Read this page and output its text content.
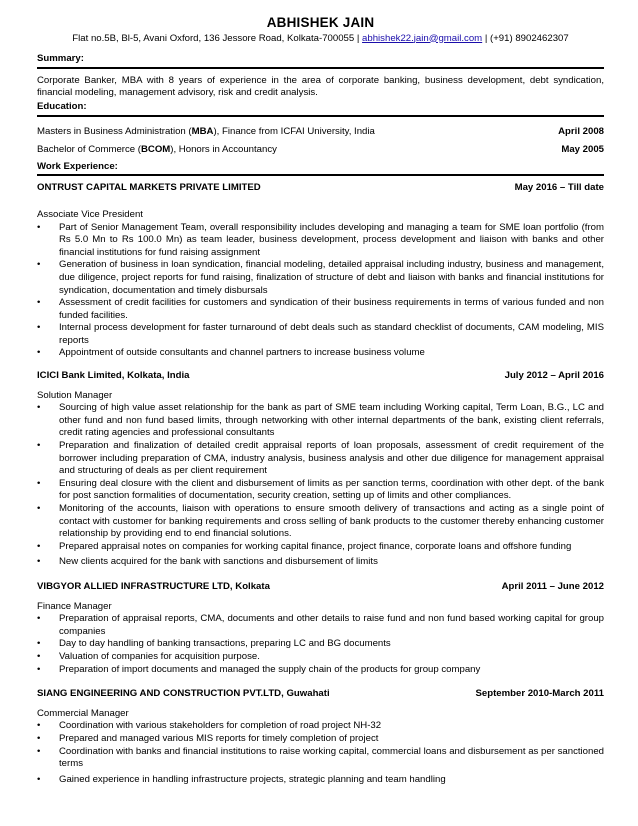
ABHISHEK JAIN
Flat no.5B, Bl-5, Avani Oxford, 136 Jessore Road, Kolkata-700055 | abhishek22.jain@gmail.com | (+91) 8902462307
Summary:
Corporate Banker, MBA with 8 years of experience in the area of corporate banking, business development, debt syndication, financial modeling, management advisory, risk and credit analysis.
Education:
Masters in Business Administration (MBA), Finance from ICFAI University, India	April 2008
Bachelor of Commerce (BCOM), Honors in Accountancy	May 2005
Work Experience:
ONTRUST CAPITAL MARKETS PRIVATE LIMITED	May 2016 – Till date
Associate Vice President
• Part of Senior Management Team, overall responsibility includes developing and managing a team for SME loan portfolio (from Rs 5.0 Mn to Rs 100.0 Mn) as team leader, business development, process development and liaison with banks and other financial institutions for fund raising assignment
• Generation of business in loan syndication, financial modeling, detailed appraisal including industry, business and management, due diligence, project reports for fund raising, finalization of structure of debt and liaison with banks and financial institutions for syndication, documentation and timely disbursals
• Assessment of credit facilities for customers and syndication of their business requirements in terms of various funded and non funded facilities.
• Internal process development for faster turnaround of debt deals such as standard checklist of documents, CAM modeling, MIS reports
• Appointment of outside consultants and channel partners to increase business volume
ICICI Bank Limited, Kolkata, India	July 2012 – April 2016
Solution Manager
• Sourcing of high value asset relationship for the bank as part of SME team including Working capital, Term Loan, B.G., LC and other fund and non fund based limits, through networking with other internal departments of the bank, existing client referrals, credit rating agencies and professional consultants
• Preparation and finalization of detailed credit appraisal reports of loan proposals, assessment of credit requirement of the borrower including preparation of CMA, industry analysis, business analysis and other due diligence for management appraisal and structuring of deals as per client requirement
• Ensuring deal closure with the client and disbursement of limits as per sanction terms, coordination with other dept. of the bank for post sanction formalities of documentation, security creation, setting up of limits and other compliances.
• Monitoring of the accounts, liaison with operations to ensure smooth delivery of transactions and acting as a single point of contact with customer for banking requirements and cross selling of bank products to the customer thereby enhancing customer relationship by providing end to end financial solutions.
• Prepared appraisal notes on companies for working capital finance, project finance, corporate loans and offshore funding
• New clients acquired for the bank with sanctions and disbursement of limits
VIBGYOR ALLIED INFRASTRUCTURE LTD, Kolkata	April 2011 – June 2012
Finance Manager
• Preparation of appraisal reports, CMA, documents and other details to raise fund and non fund based working capital for group companies
• Day to day handling of banking transactions, preparing LC and BG documents
• Valuation of companies for acquisition purpose.
• Preparation of import documents and managed the supply chain of the products for group company
SIANG ENGINEERING AND CONSTRUCTION PVT.LTD, Guwahati	September 2010-March 2011
Commercial Manager
• Coordination with various stakeholders for completion of road project NH-32
• Prepared and managed various MIS reports for timely completion of project
• Coordination with banks and financial institutions to raise working capital, commercial loans and disbursement as per sanctioned terms
• Gained experience in handling infrastructure projects, strategic planning and team handling
